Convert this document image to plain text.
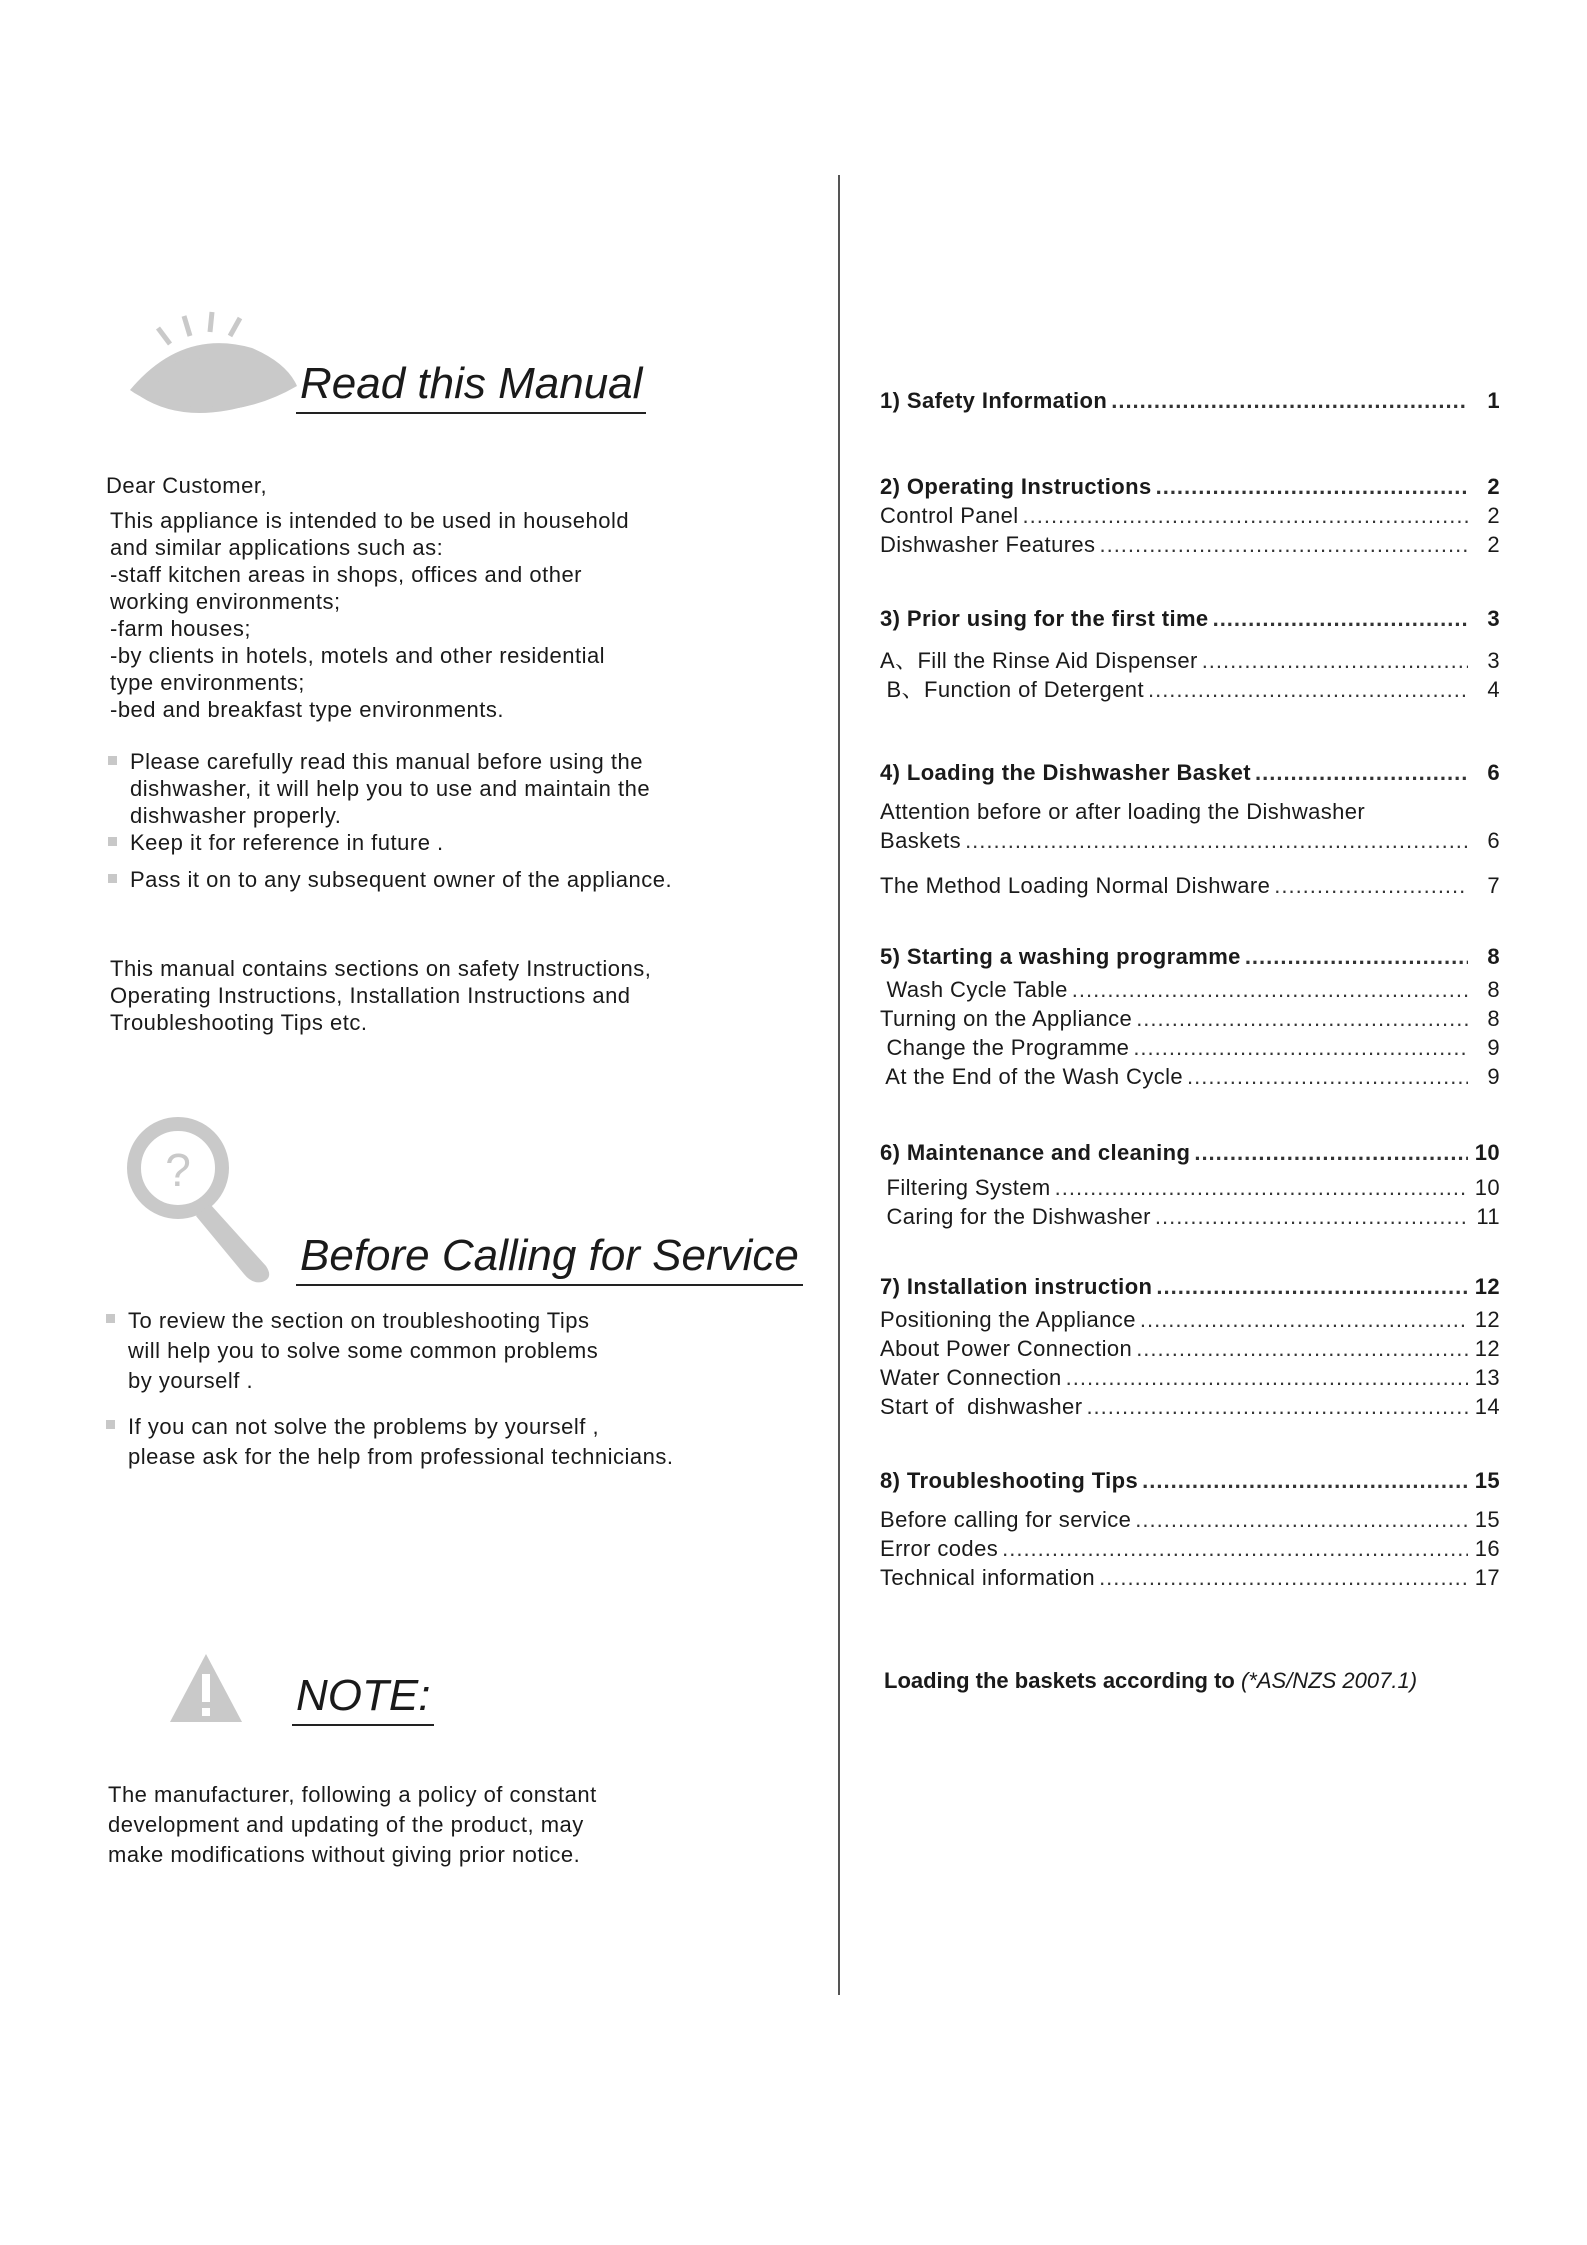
Read this Manual
Dear Customer,
This appliance is intended to be used in household
and similar applications such as:
-staff kitchen areas in shops, offices and other
working environments;
-farm houses;
-by clients in hotels, motels and other residential
type environments;
-bed and breakfast type environments.
Please carefully read this manual before using the
dishwasher, it will help you to use and maintain the
dishwasher properly.
Keep it for reference in future .
Pass it on to any subsequent owner of the appliance.
This manual contains sections on safety Instructions,
Operating Instructions, Installation Instructions and
Troubleshooting Tips etc.
?
Before Calling for Service
To review the section on troubleshooting Tips
will help you to solve some common problems
by yourself .
If you can not solve the problems by yourself ,
please ask for the help from professional technicians.
NOTE:
The manufacturer, following a policy of constant
development and updating of the product, may
make modifications without giving prior notice.
1) Safety Information .....	1
2) Operating Instructions .....	2
Control Panel .....	2
Dishwasher Features .....	2
3) Prior using for the first time .....	3
A、Fill the Rinse Aid Dispenser .....	3
B、Function of Detergent .....	4
4) Loading the Dishwasher Basket .....	6
Attention before or after loading the Dishwasher
Baskets .....	6
The Method Loading Normal Dishware .....	7
5) Starting a washing programme .....	8
Wash Cycle Table .....	8
Turning on the Appliance .....	8
Change the Programme .....	9
At the End of the Wash Cycle .....	9
6) Maintenance and cleaning .....	10
Filtering System .....	10
Caring for the Dishwasher .....	11
7) Installation instruction .....	12
Positioning the Appliance .....	12
About Power Connection .....	12
Water Connection .....	13
Start of  dishwasher .....	14
8) Troubleshooting Tips .....	15
Before calling for service .....	15
Error codes .....	16
Technical information .....	17
Loading the baskets according to (*AS/NZS 2007.1)
